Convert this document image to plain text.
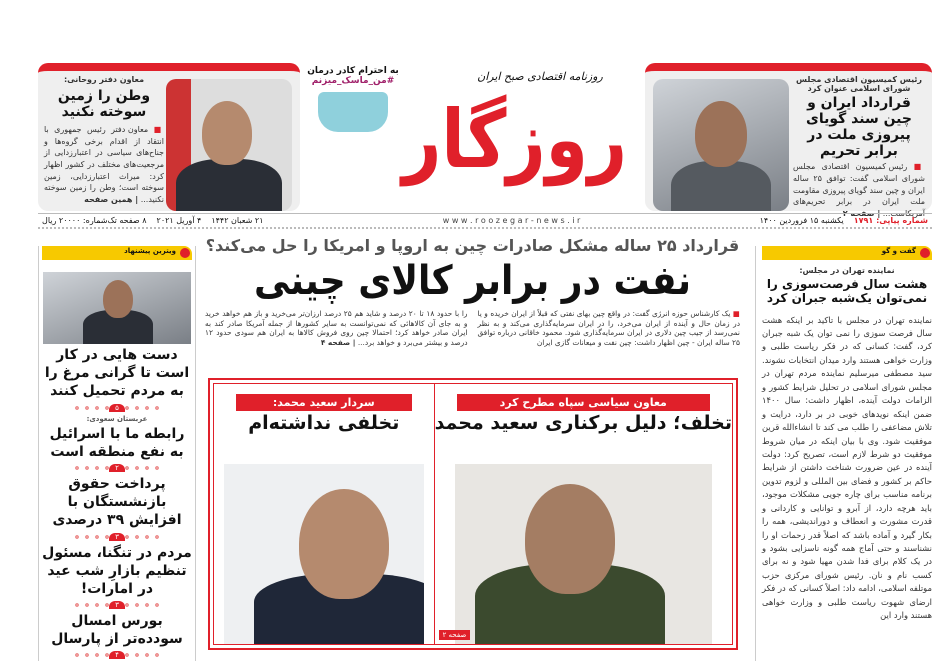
رئیس کمیسیون اقتصادی مجلس شورای اسلامی عنوان کرد
قرارداد ایران و چین سند گویای پیروزی ملت در برابر تحریم
■ رئیس کمیسیون اقتصادی مجلس شورای اسلامی گفت: توافق ۲۵ ساله ایران و چین سند گویای پیروزی مقاومت ملت ایران در برابر تحریم‌های آمریکاست... | صفحه ۲
معاون دفتر روحانی:
وطن را زمین سوخته نکنید
■ معاون دفتر رئیس جمهوری با انتقاد از اقدام برخی گروه‌ها و جناح‌های سیاسی در اعتبارزدایی از مرجعیت‌های مختلف در کشور اظهار کرد: میراث اعتبارزدایی، زمین سوخته است؛ وطن را زمین سوخته نکنید... | همین صفحه
به احترام کادر درمان
#من_ماسک_میزنم	روزنامه اقتصادی صبح ایران
روزگار
شماره پیاپی: ۱۷۹۱
یکشنبه ۱۵ فروردین ۱۴۰۰
w w w . r o o z e g a r - n e w s . i r
۲۱ شعبان ۱۴۴۲
۴ آوریل ۲۰۲۱
۸ صفحه تک‌شماره: ۲۰۰۰۰ ریال
گفت و گو
نماینده تهران در مجلس:
هشت سال فرصت‌سوزی را نمی‌توان یک‌شبه جبران کرد
نماینده تهران در مجلس با تاکید بر اینکه هشت سال فرصت سوزی را نمی توان یک شبه جبران کرد، گفت: کسانی که در فکر ریاست طلبی و وزارت خواهی هستند وارد میدان انتخابات نشوند. سید مصطفی میرسلیم نماینده مردم تهران در مجلس شورای اسلامی در تحلیل شرایط کشور و الزامات دولت آینده، اظهار داشت: سال ۱۴۰۰ ضمن اینکه نویدهای خوبی در بر دارد، درایت و تلاش مضاعفی را طلب می کند تا انشاءالله قرین موفقیت شود. وی با بیان اینکه در میان شروط موفقیت دو شرط لازم است، تصریح کرد: دولت آینده در عین ضرورت شناخت داشتن از شرایط حاکم بر کشور و فضای بین المللی و لزوم تدوین برنامه مناسب برای چاره جویی مشکلات موجود، باید هرچه دارد، از آبرو و توانایی و کاردانی و قدرت مشورت و انعطاف و دوراندیشی، همه را بکار گیرد و آماده باشد که اصلاً قدر زحمات او را نشناسند و حتی آماج همه گونه ناسزایی بشود و در یک کلام برای فدا شدن مهیا شود و نه برای کسب نام و نان. رئیس شورای مرکزی حزب موتلفه اسلامی، ادامه داد: اصلاً کسانی که در فکر ارضای شهوت ریاست طلبی و وزارت خواهی هستند وارد این
ویترین پیشنهاد
دست هایی در کار است تا گرانی مرغ را به مردم تحمیل کنند
۵
عربستان سعودی:
رابطه ما با اسرائیل به نفع منطقه است
۲
پرداخت حقوق بازنشستگان با افزایش ۳۹ درصدی
۳
مردم در تنگنا، مسئول تنظیم بازارِ شب عید در امارات!
۳
بورس امسال سودده‌تر از پارسال
۴
قرارداد ۲۵ ساله مشکل صادرات چین به اروپا و امریکا را حل می‌کند؟
نفت در برابر کالای چینی
■ یک کارشناس حوزه انرژی گفت: در واقع چین بهای نفتی که قبلاً از ایران خریده و یا در زمان حال و آینده از ایران می‌خرد، را در ایران سرمایه‌گذاری می‌کند و به نظر نمی‌رسد از جیب چین دلاری در ایران سرمایه‌گذاری شود. محمود خاقانی درباره توافق ۲۵ ساله ایران - چین اظهار داشت: چین نفت و میعانات گازی ایران
را با حدود ۱۸ تا ۲۰ درصد و شاید هم ۲۵ درصد ارزان‌تر می‌خرید و باز هم خواهد خرید و به جای آن کالاهائی که نمی‌توانست به سایر کشورها از جمله آمریکا صادر کند به ایران صادر خواهد کرد؛ احتمالا چین روی فروش کالاها به ایران هم سودی حدود ۱۲ درصد و بیشتر می‌برد و خواهد برد... | صفحه ۴
معاون سیاسی سپاه مطرح کرد
تخلف؛ دلیل برکناری سعید محمد
صفحه ۲
سردار سعید محمد:
تخلفی نداشته‌ام
